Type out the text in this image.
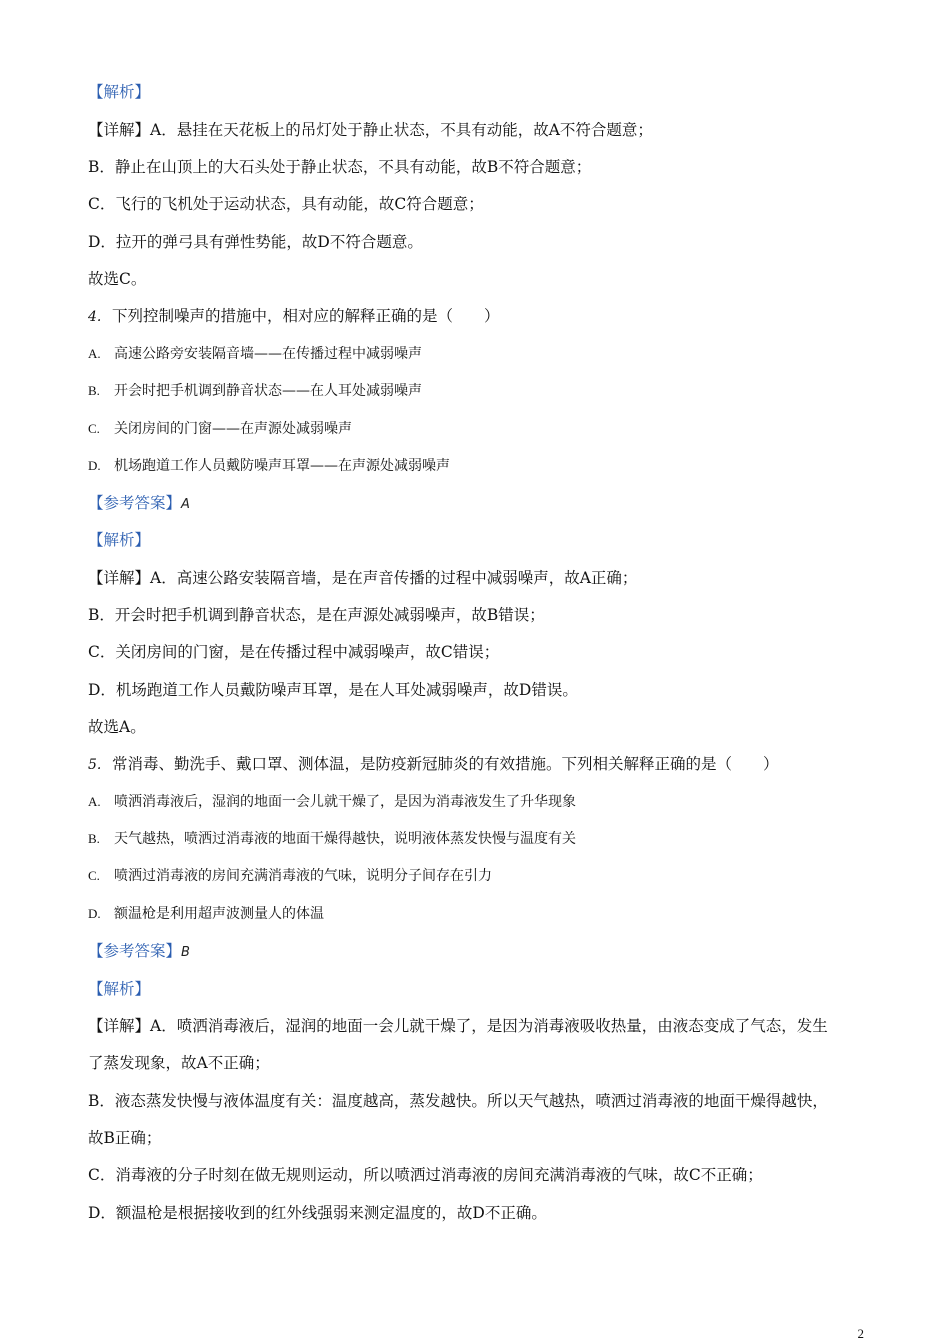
【解析】
【详解】A．悬挂在天花板上的吊灯处于静止状态，不具有动能，故A不符合题意；
B．静止在山顶上的大石头处于静止状态，不具有动能，故B不符合题意；
C．飞行的飞机处于运动状态，具有动能，故C符合题意；
D．拉开的弹弓具有弹性势能，故D不符合题意。
故选C。
4. 下列控制噪声的措施中，相对应的解释正确的是（　　）
A. 高速公路旁安装隔音墙——在传播过程中减弱噪声
B. 开会时把手机调到静音状态——在人耳处减弱噪声
C. 关闭房间的门窗——在声源处减弱噪声
D. 机场跑道工作人员戴防噪声耳罩——在声源处减弱噪声
【参考答案】A
【解析】
【详解】A．高速公路安装隔音墙，是在声音传播的过程中减弱噪声，故A正确；
B．开会时把手机调到静音状态，是在声源处减弱噪声，故B错误；
C．关闭房间的门窗，是在传播过程中减弱噪声，故C错误；
D．机场跑道工作人员戴防噪声耳罩，是在人耳处减弱噪声，故D错误。
故选A。
5. 常消毒、勤洗手、戴口罩、测体温，是防疫新冠肺炎的有效措施。下列相关解释正确的是（　　）
A. 喷洒消毒液后，湿润的地面一会儿就干燥了，是因为消毒液发生了升华现象
B. 天气越热，喷洒过消毒液的地面干燥得越快，说明液体蒸发快慢与温度有关
C. 喷洒过消毒液的房间充满消毒液的气味，说明分子间存在引力
D. 额温枪是利用超声波测量人的体温
【参考答案】B
【解析】
【详解】A．喷洒消毒液后，湿润的地面一会儿就干燥了，是因为消毒液吸收热量，由液态变成了气态，发生
了蒸发现象，故A不正确；
B．液态蒸发快慢与液体温度有关：温度越高，蒸发越快。所以天气越热，喷洒过消毒液的地面干燥得越快，
故B正确；
C．消毒液的分子时刻在做无规则运动，所以喷洒过消毒液的房间充满消毒液的气味，故C不正确；
D．额温枪是根据接收到的红外线强弱来测定温度的，故D不正确。
2
